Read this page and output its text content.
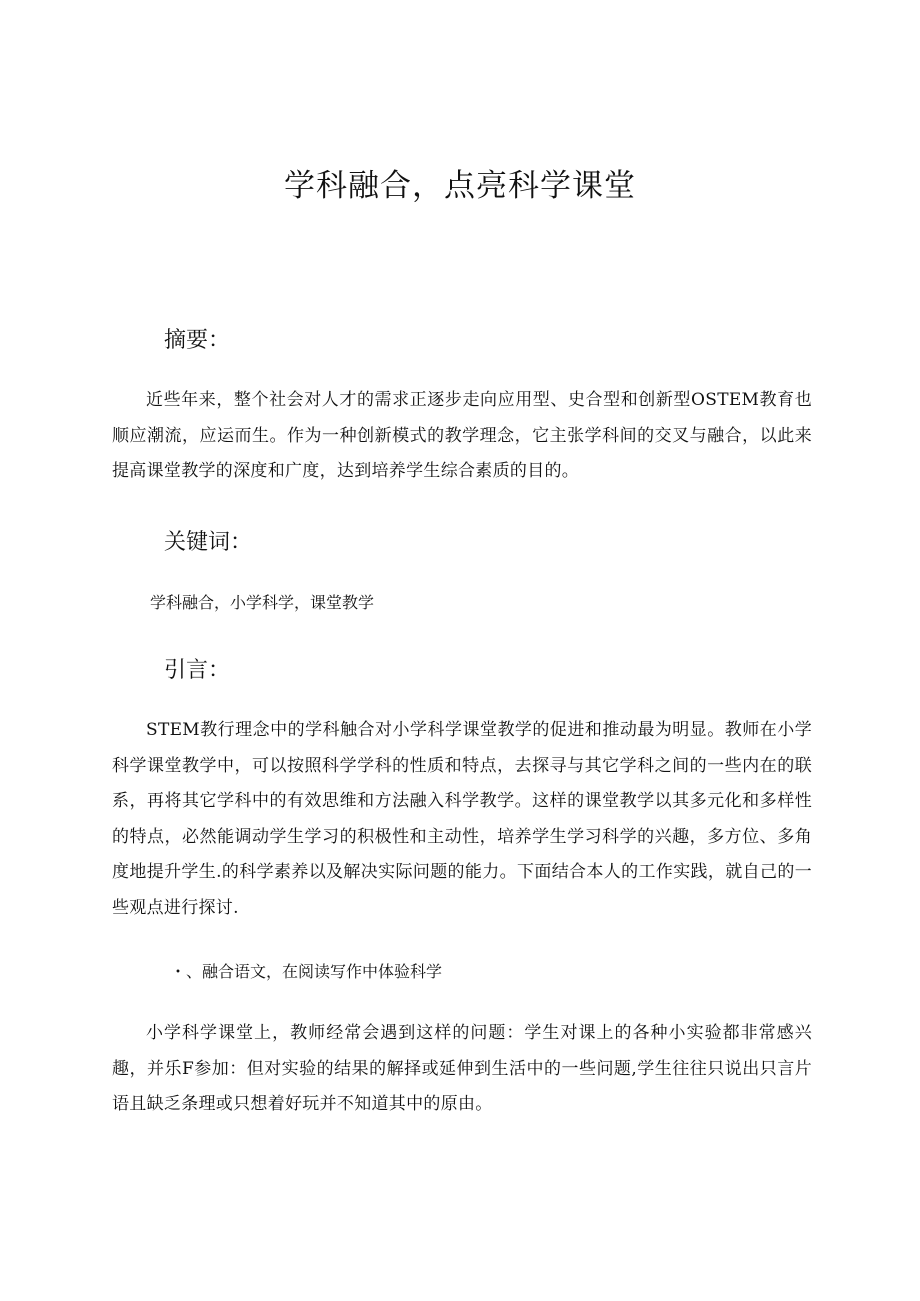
学科融合，点亮科学课堂
摘要：
近些年来，整个社会对人才的需求正逐步走向应用型、史合型和创新型OSTEM教育也顺应潮流，应运而生。作为一种创新模式的教学理念，它主张学科间的交叉与融合，以此来提高课堂教学的深度和广度，达到培养学生综合素质的目的。
关键词：
学科融合，小学科学，课堂教学
引言：
STEM教行理念中的学科触合对小学科学课堂教学的促进和推动最为明显。教师在小学科学课堂教学中，可以按照科学学科的性质和特点，去探寻与其它学科之间的一些内在的联系，再将其它学科中的有效思维和方法融入科学教学。这样的课堂教学以其多元化和多样性的特点，必然能调动学生学习的积极性和主动性，培养学生学习科学的兴趣，多方位、多角度地提升学生.的科学素养以及解决实际问题的能力。下面结合本人的工作实践，就自己的一些观点进行探讨.
・、融合语文，在阅读写作中体验科学
小学科学课堂上，教师经常会遇到这样的问题：学生对课上的各种小实验都非常感兴趣，并乐F参加：但对实验的结果的解择或延伸到生活中的一些问题,学生往往只说出只言片语且缺乏条理或只想着好玩并不知道其中的原由。
